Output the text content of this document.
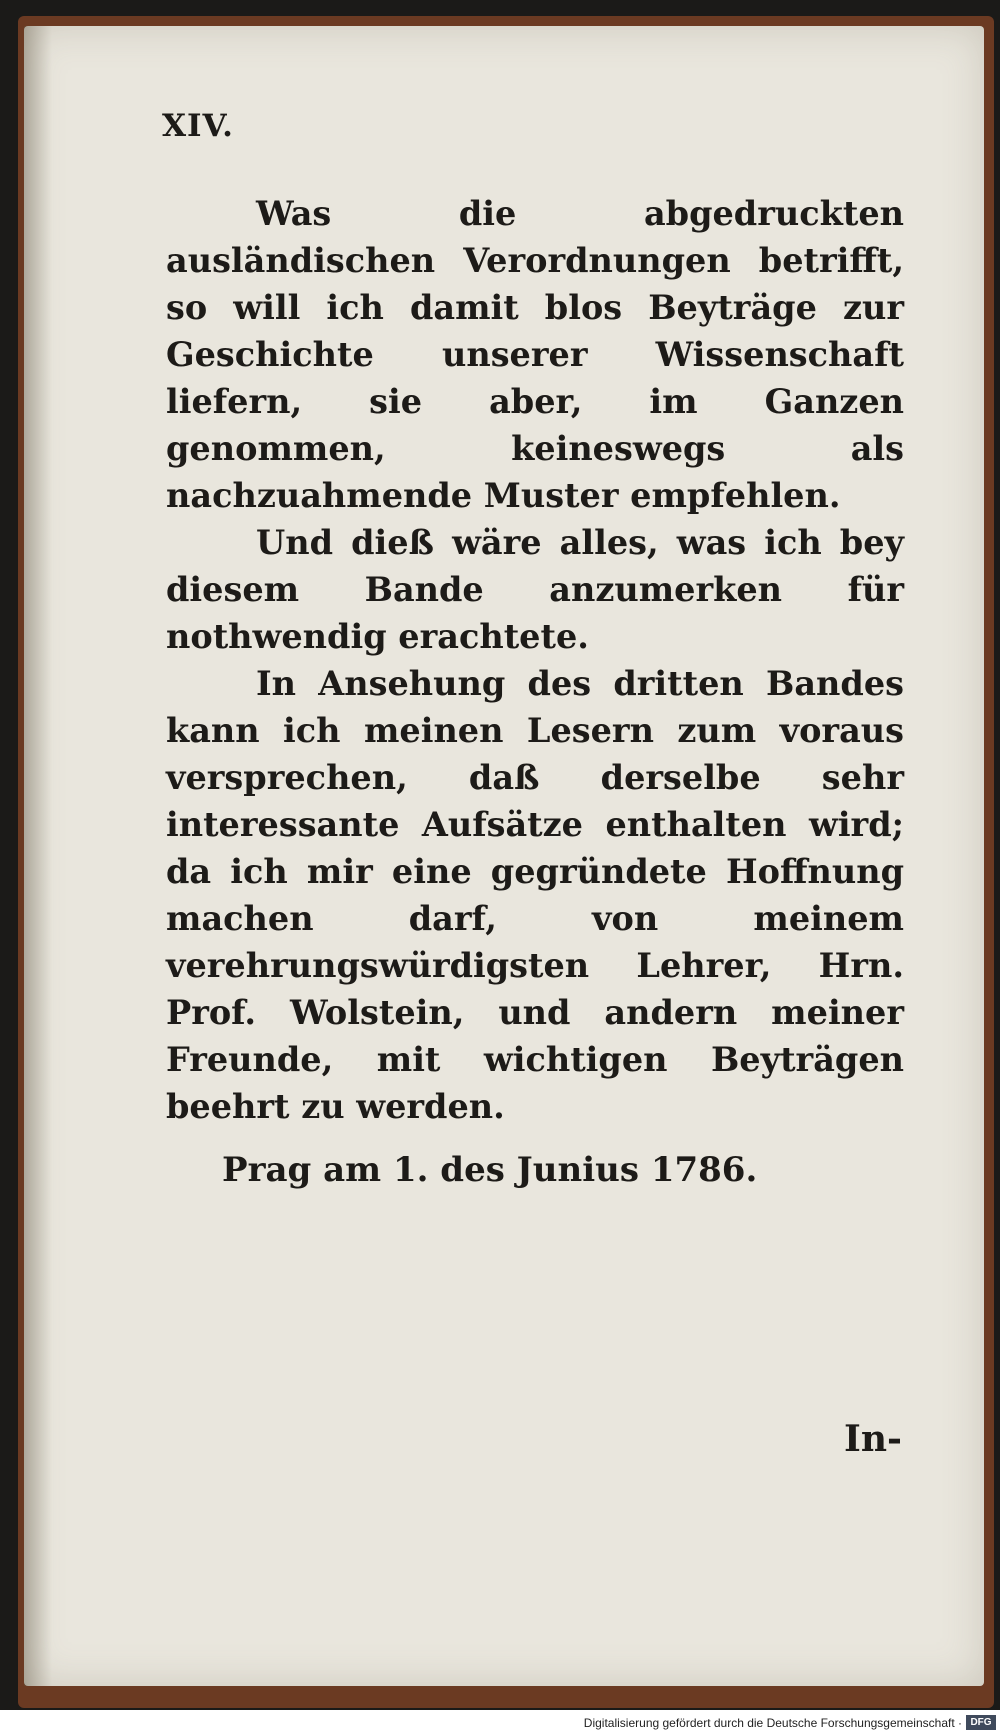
XIV.

Was die abgedruckten ausländischen Verordnungen betrifft, so will ich damit blos Beyträge zur Geschichte unserer Wissenschaft liefern, sie aber, im Ganzen genommen, keineswegs als nachzuahmende Muster empfehlen.

Und dieß wäre alles, was ich bey diesem Bande anzumerken für nothwendig erachtete.

In Ansehung des dritten Bandes kann ich meinen Lesern zum voraus versprechen, daß derselbe sehr interessante Aufsätze enthalten wird; da ich mir eine gegründete Hoffnung machen darf, von meinem verehrungswürdigsten Lehrer, Hrn. Prof. Wolstein, und andern meiner Freunde, mit wichtigen Beyträgen beehrt zu werden.

Prag am 1. des Junius 1786.
In-
Digitalisierung gefördert durch die Deutsche Forschungsgemeinschaft · DFG
